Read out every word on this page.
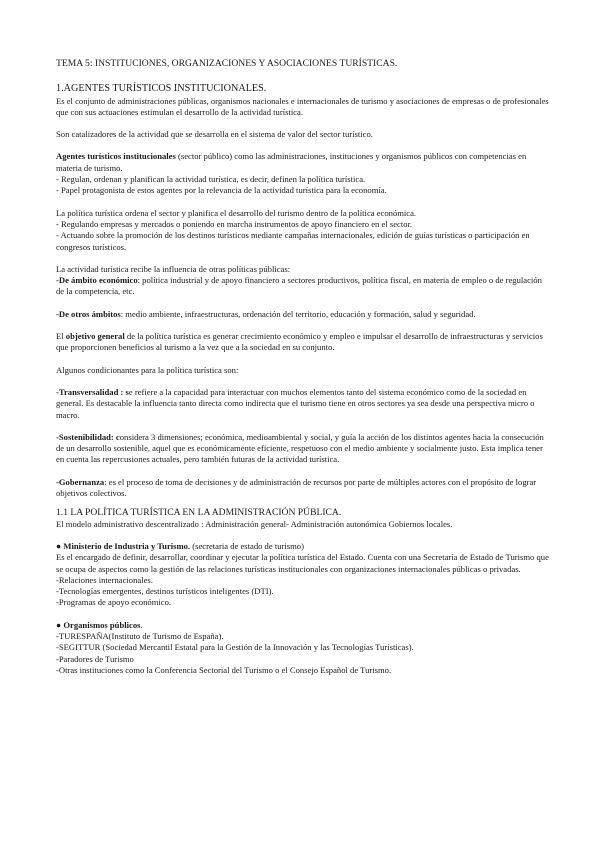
TEMA 5: INSTITUCIONES, ORGANIZACIONES Y ASOCIACIONES TURÍSTICAS.
1.AGENTES TURÍSTICOS INSTITUCIONALES.

Es el conjunto de administraciones públicas, organismos nacionales e internacionales de turismo y asociaciones de empresas o de profesionales que con sus actuaciones estimulan el desarrollo de la actividad turística.

Son catalizadores de la actividad que se desarrolla en el sistema de valor del sector turístico.

Agentes turísticos institucionales (sector público) como las administraciones, instituciones y organismos públicos con competencias en materia de turismo.
- Regulan, ordenan y planifican la actividad turística, es decir, definen la política turística.
- Papel protagonista de estos agentes por la relevancia de la actividad turística para la economía.

La política turística ordena el sector y planifica el desarrollo del turismo dentro de la política económica.
- Regulando empresas y mercados o poniendo en marcha instrumentos de apoyo financiero en el sector.
- Actuando sobre la promoción de los destinos turísticos mediante campañas internacionales, edición de guías turísticas o participación en congresos turísticos.

La actividad turística recibe la influencia de otras políticas públicas:
-De ámbito económico: política industrial y de apoyo financiero a sectores productivos, política fiscal, en materia de empleo o de regulación de la competencia, etc.

-De otros ámbitos: medio ambiente, infraestructuras, ordenación del territorio, educación y formación, salud y seguridad.

El objetivo general de la política turística es generar crecimiento económico y empleo e impulsar el desarrollo de infraestructuras y servicios que proporcionen beneficios al turismo a la vez que a la sociedad en su conjunto.

Algunos condicionantes para la política turística son:

-Transversalidad : se refiere a la capacidad para interactuar con muchos elementos tanto del sistema económico como de la sociedad en general. Es destacable la influencia tanto directa como indirecta que el turismo tiene en otros sectores ya sea desde una perspectiva micro o macro.

-Sostenibilidad: considera 3 dimensiones; económica, medioambiental y social, y guía la acción de los distintos agentes hacia la consecución de un desarrollo sostenible, aquel que es económicamente eficiente, respetuoso con el medio ambiente y socialmente justo. Esta implica tener en cuenta las repercusiones actuales, pero también futuras de la actividad turística.

-Gobernanza: es el proceso de toma de decisiones y de administración de recursos por parte de múltiples actores con el propósito de lograr objetivos colectivos.

1.1 LA POLÍTICA TURÍSTICA EN LA ADMINISTRACIÓN PÚBLICA.

El modelo administrativo descentralizado : Administración general- Administración autonómica Gobiernos locales.

● Ministerio de Industria y Turismo. (secretaria de estado de turismo)
Es el encargado de definir, desarrollar, coordinar y ejecutar la política turística del Estado. Cuenta con una Secretaría de Estado de Turismo que se ocupa de aspectos como la gestión de las relaciones turísticas institucionales con organizaciones internacionales públicas o privadas.
-Relaciones internacionales.
-Tecnologías emergentes, destinos turísticos inteligentes (DTI).
-Programas de apoyo económico.

● Organismos públicos.
-TURESPAÑA(Instituto de Turismo de España).
-SEGITTUR (Sociedad Mercantil Estatal para la Gestión de la Innovación y las Tecnologías Turísticas).
-Paradores de Turismo
-Otras instituciones como la Conferencia Sectorial del Turismo o el Consejo Español de Turismo.
